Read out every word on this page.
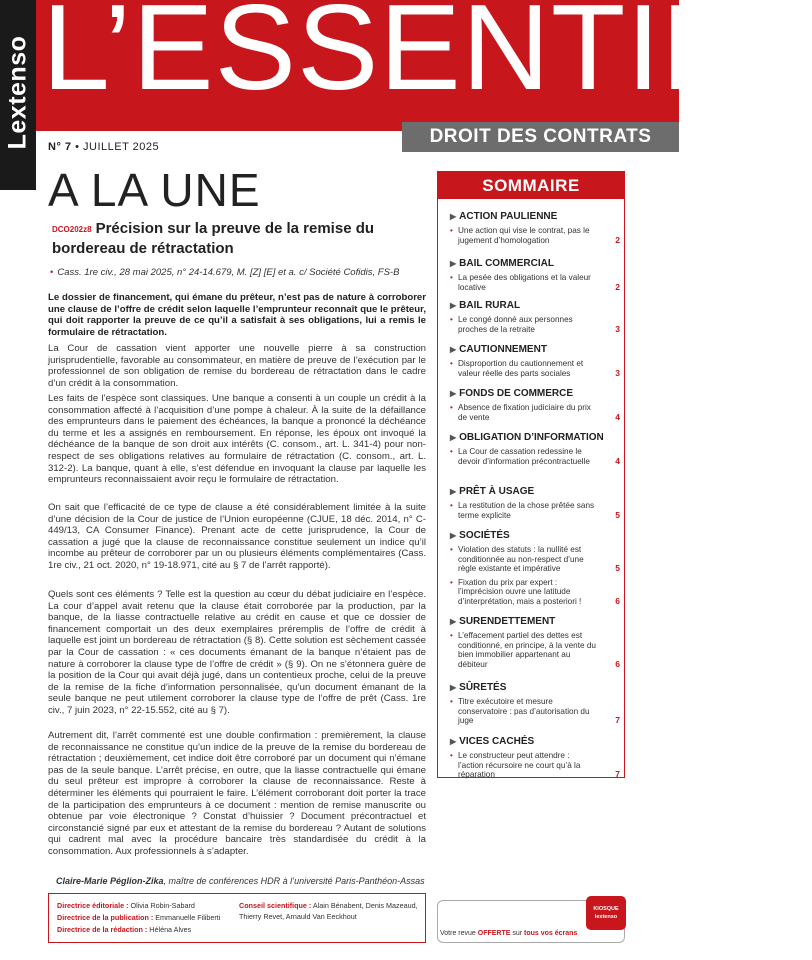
Lextenso L’ESSENTIEL
DROIT DES CONTRATS
N° 7 • JUILLET 2025
A LA UNE
DCO202z8 Précision sur la preuve de la remise du bordereau de rétractation
• Cass. 1re civ., 28 mai 2025, n° 24-14.679, M. [Z] [E] et a. c/ Société Cofidis, FS-B
Le dossier de financement, qui émane du prêteur, n’est pas de nature à corroborer une clause de l’offre de crédit selon laquelle l’emprunteur reconnaît que le prêteur, qui doit rapporter la preuve de ce qu’il a satisfait à ses obligations, lui a remis le formulaire de rétractation.
La Cour de cassation vient apporter une nouvelle pierre à sa construction jurisprudentielle, favorable au consommateur, en matière de preuve de l’exécution par le professionnel de son obligation de remise du bordereau de rétractation dans le cadre d’un crédit à la consommation.
Les faits de l’espèce sont classiques. Une banque a consenti à un couple un crédit à la consommation affecté à l’acquisition d’une pompe à chaleur. À la suite de la défaillance des emprunteurs dans le paiement des échéances, la banque a prononcé la déchéance du terme et les a assignés en remboursement. En réponse, les époux ont invoqué la déchéance de la banque de son droit aux intérêts (C. consom., art. L. 341-4) pour non-respect de ses obligations relatives au formulaire de rétractation (C. consom., art. L. 312-2). La banque, quant à elle, s’est défendue en invoquant la clause par laquelle les emprunteurs reconnaissaient avoir reçu le formulaire de rétractation.
On sait que l’efficacité de ce type de clause a été considérablement limitée à la suite d’une décision de la Cour de justice de l’Union européenne (CJUE, 18 déc. 2014, n° C-449/13, CA Consumer Finance). Prenant acte de cette jurisprudence, la Cour de cassation a jugé que la clause de reconnaissance constitue seulement un indice qu’il incombe au prêteur de corroborer par un ou plusieurs éléments complémentaires (Cass. 1re civ., 21 oct. 2020, n° 19-18.971, cité au § 7 de l’arrêt rapporté).
Quels sont ces éléments ? Telle est la question au cœur du débat judiciaire en l’espèce. La cour d’appel avait retenu que la clause était corroborée par la production, par la banque, de la liasse contractuelle relative au crédit en cause et que ce dossier de financement comportait un des deux exemplaires préremplis de l’offre de crédit à laquelle est joint un bordereau de rétractation (§ 8). Cette solution est sèchement cassée par la Cour de cassation : « ces documents émanant de la banque n’étaient pas de nature à corroborer la clause type de l’offre de crédit » (§ 9). On ne s’étonnera guère de la position de la Cour qui avait déjà jugé, dans un contentieux proche, celui de la preuve de la remise de la fiche d’information personnalisée, qu’un document émanant de la seule banque ne peut utilement corroborer la clause type de l’offre de prêt (Cass. 1re civ., 7 juin 2023, n° 22-15.552, cité au § 7).
Autrement dit, l’arrêt commenté est une double confirmation : premièrement, la clause de reconnaissance ne constitue qu’un indice de la preuve de la remise du bordereau de rétractation ; deuxièmement, cet indice doit être corroboré par un document qui n’émane pas de la seule banque. L’arrêt précise, en outre, que la liasse contractuelle qui émane du seul prêteur est impropre à corroborer la clause de reconnaissance. Reste à déterminer les éléments qui pourraient le faire. L’élément corroborant doit porter la trace de la participation des emprunteurs à ce document : mention de remise manuscrite ou obtenue par voie électronique ? Constat d’huissier ? Document précontractuel et circonstancié signé par eux et attestant de la remise du bordereau ? Autant de solutions qui cadrent mal avec la procédure bancaire très standardisée du crédit à la consommation. Aux professionnels à s’adapter.
Claire-Marie Péglion-Zika, maître de conférences HDR à l’université Paris-Panthéon-Assas
Directrice éditoriale : Olivia Robin-Sabard
Directrice de la publication : Emmanuelle Filiberti
Directrice de la rédaction : Héléna Alves
Conseil scientifique : Alain Bénabent, Denis Mazeaud, Thierry Revet, Arnauld Van Eeckhout
KIOSQUE
lextenso
Votre revue OFFERTE sur tous vos écrans
SOMMAIRE
▶ ACTION PAULIENNE
• Une action qui vise le contrat, pas le jugement d’homologation	2
▶ BAIL COMMERCIAL
• La pesée des obligations et la valeur locative	2
▶ BAIL RURAL
• Le congé donné aux personnes proches de la retraite	3
▶ CAUTIONNEMENT
• Disproportion du cautionnement et valeur réelle des parts sociales	3
▶ FONDS DE COMMERCE
• Absence de fixation judiciaire du prix de vente	4
▶ OBLIGATION D’INFORMATION
• La Cour de cassation redessine le devoir d’information précontractuelle	4
▶ PRÊT À USAGE
• La restitution de la chose prêtée sans terme explicite	5
▶ SOCIÉTÉS
• Violation des statuts : la nullité est conditionnée au non-respect d’une règle existante et impérative	5
• Fixation du prix par expert : l’imprécision ouvre une latitude d’interprétation, mais a posteriori !	6
▶ SURENDETTEMENT
• L’effacement partiel des dettes est conditionné, en principe, à la vente du bien immobilier appartenant au débiteur	6
▶ SÛRETÉS
• Titre exécutoire et mesure conservatoire : pas d’autorisation du juge	7
▶ VICES CACHÉS
• Le constructeur peut attendre : l’action récursoire ne court qu’à la réparation	7
